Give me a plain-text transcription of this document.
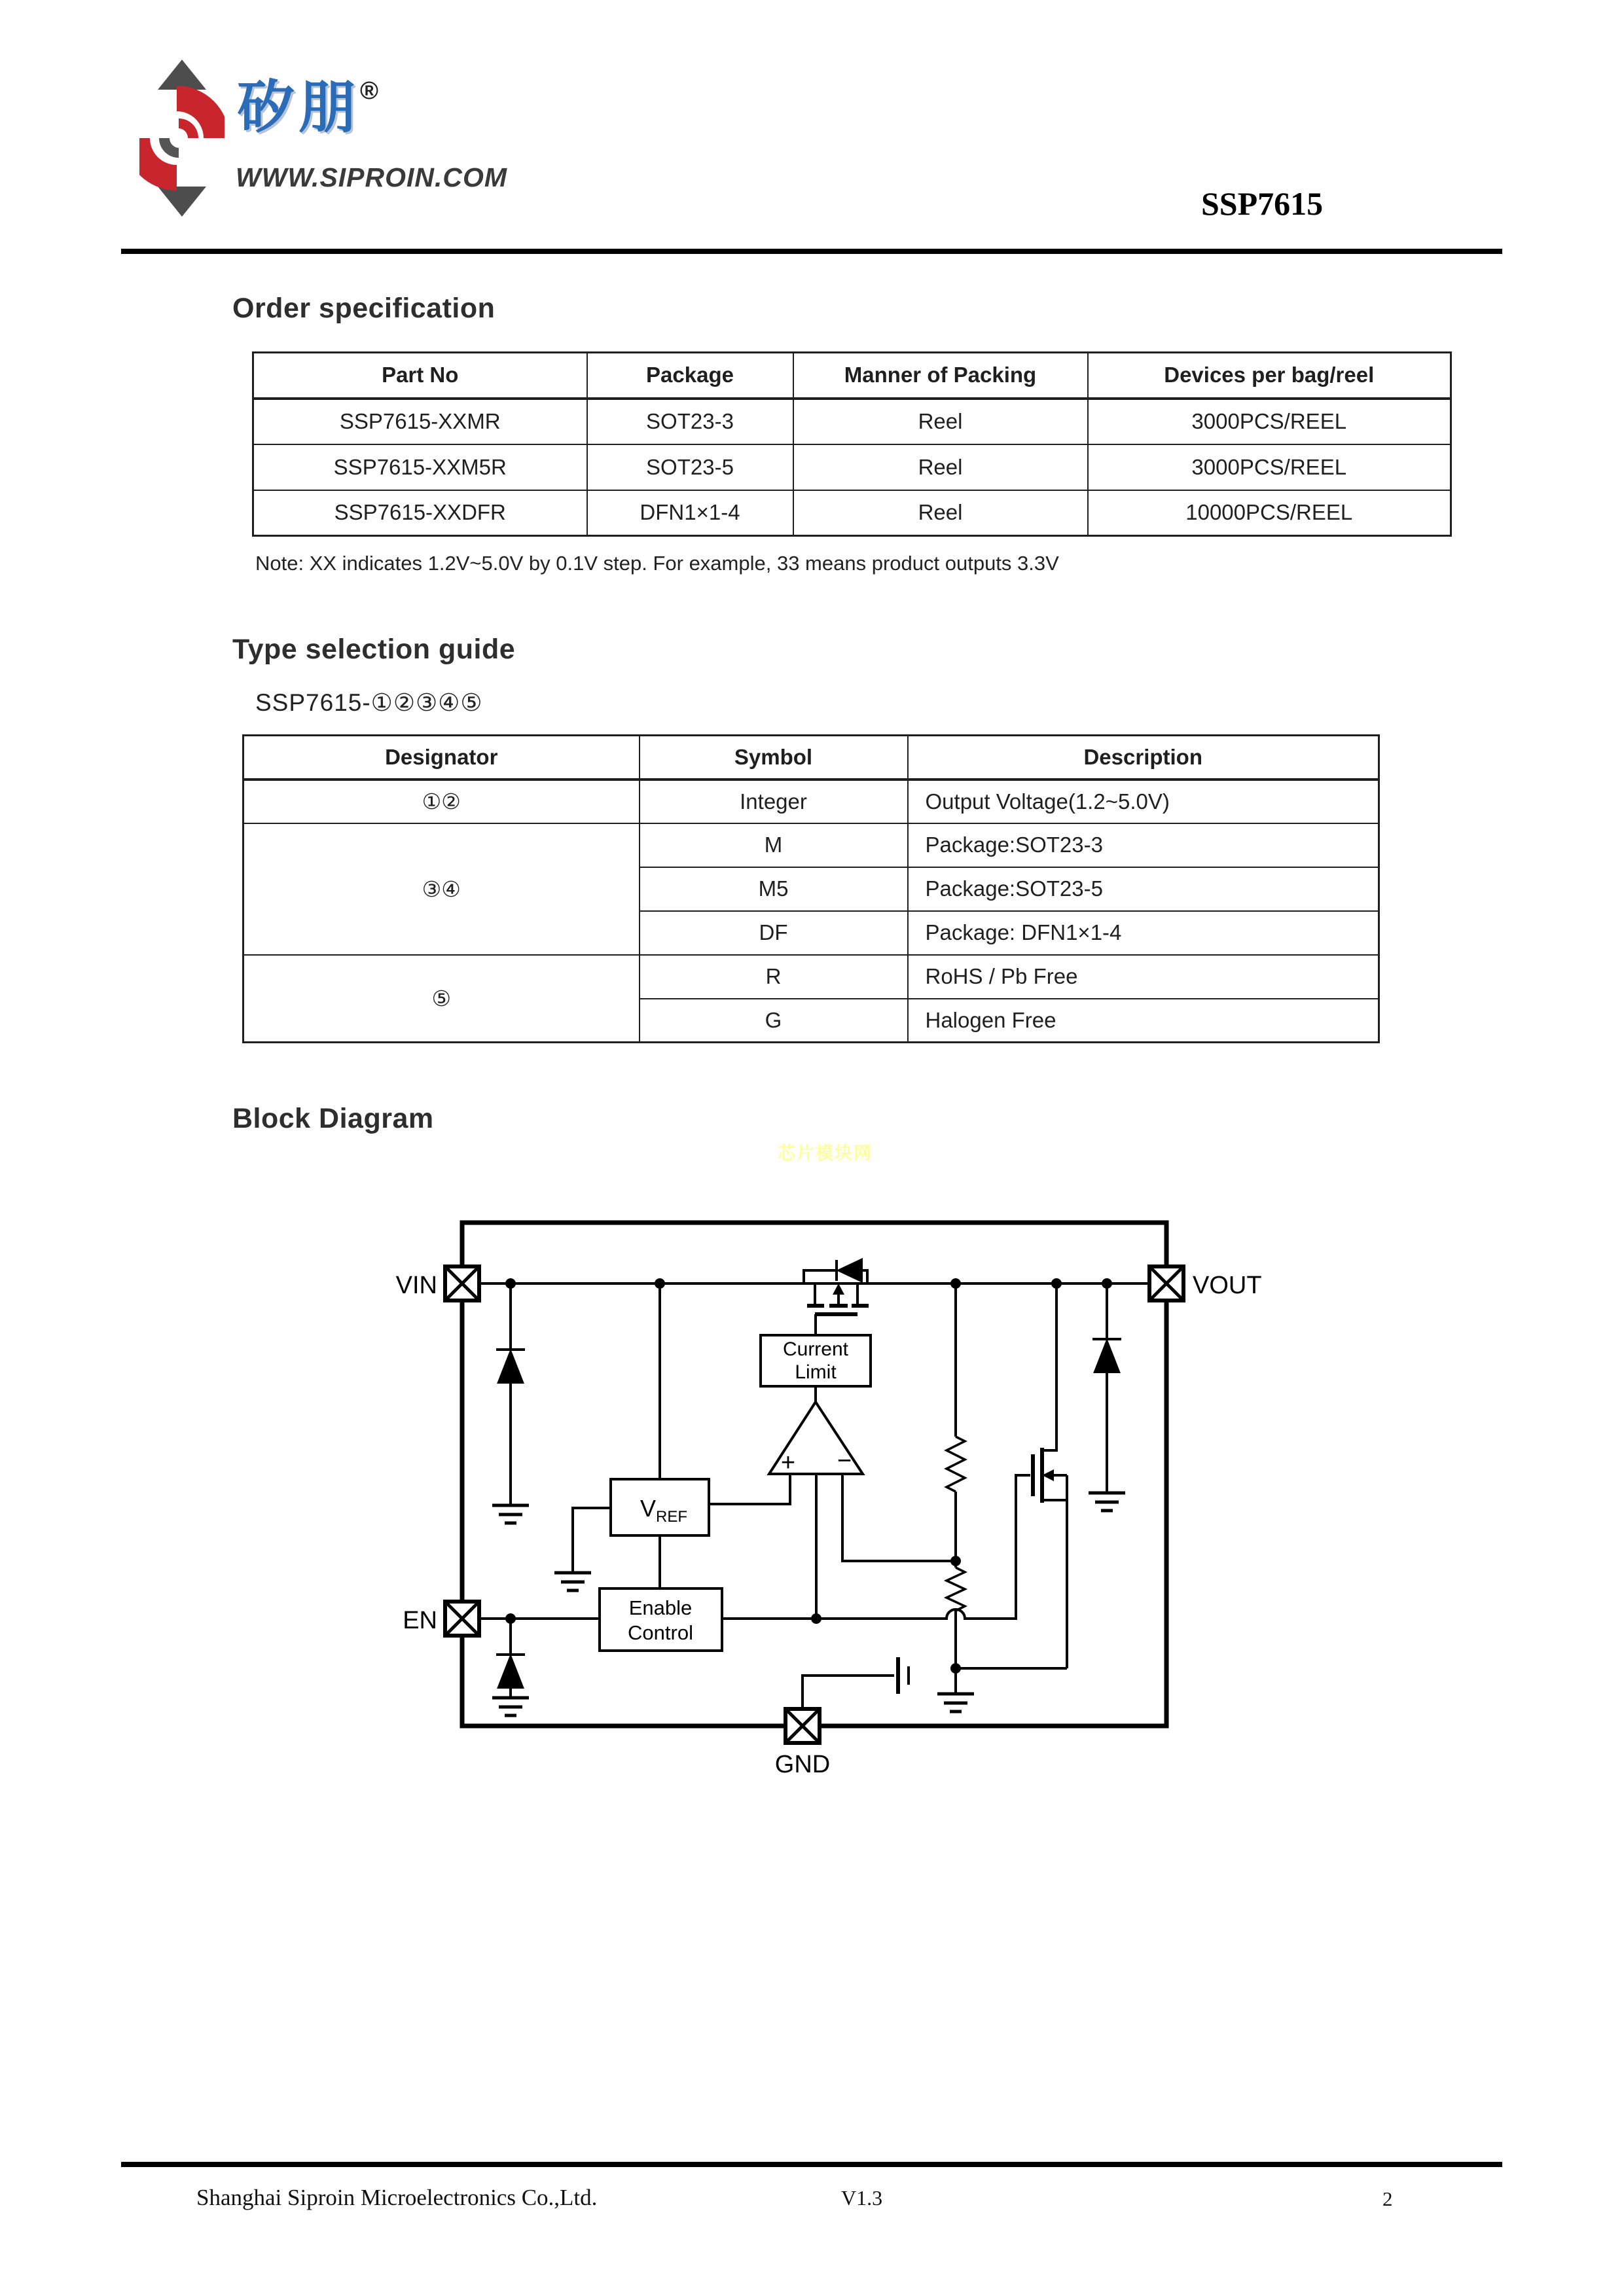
矽朋®
WWW.SIPROIN.COM
SSP7615
Order specification
Part No	Package	Manner of Packing	Devices per bag/reel
SSP7615-XXMR	SOT23-3	Reel	3000PCS/REEL
SSP7615-XXM5R	SOT23-5	Reel	3000PCS/REEL
SSP7615-XXDFR	DFN1×1-4	Reel	10000PCS/REEL
Note: XX indicates 1.2V~5.0V by 0.1V step. For example, 33 means product outputs 3.3V
Type selection guide
SSP7615-①②③④⑤
Designator	Symbol	Description
①②	Integer	Output Voltage(1.2~5.0V)
③④	M	Package:SOT23-3
	M5	Package:SOT23-5
	DF	Package: DFN1×1-4
⑤	R	RoHS / Pb Free
	G	Halogen Free
Block Diagram
芯片模块网
Current
Limit
+ −
$V_{REF}$
Enable
Control
VIN	VOUT
EN
GND
Shanghai Siproin Microelectronics Co.,Ltd.	V1.3	2
